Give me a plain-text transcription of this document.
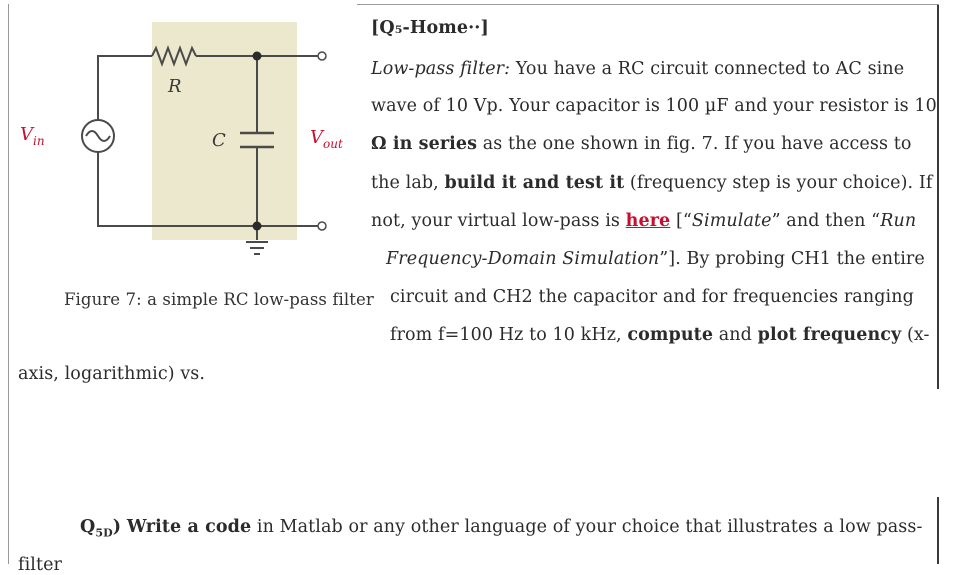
R
C
$V_{in}$	$V_{out}$
Figure 7: a simple RC low-pass filter
[Q₅-Home··]
Low-pass filter: You have a RC circuit connected to AC sine
wave of 10 Vp. Your capacitor is 100 µF and your resistor is 10
Ω in series as the one shown in fig. 7. If you have access to
the lab, build it and test it (frequency step is your choice). If
not, your virtual low-pass is here [“Simulate” and then “Run
Frequency-Domain Simulation”]. By probing CH1 the entire
circuit and CH2 the capacitor and for frequencies ranging
from f=100 Hz to 10 kHz, compute and plot frequency (x-
axis, logarithmic) vs.
$Q_{5D}$) Write a code in Matlab or any other language of your choice that illustrates a low pass-
filter
